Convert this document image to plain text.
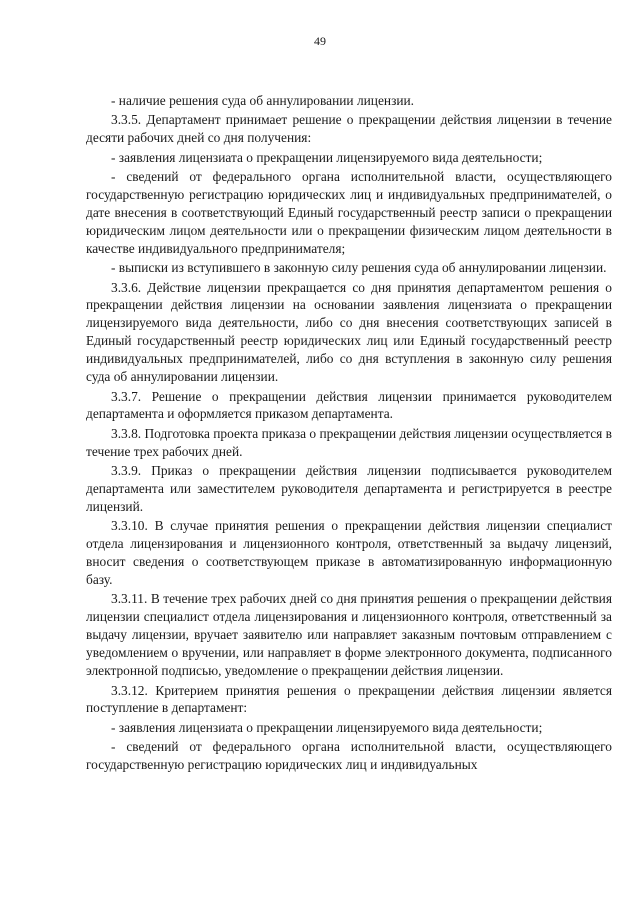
49

- наличие решения суда об аннулировании лицензии.

3.3.5. Департамент принимает решение о прекращении действия лицензии в течение десяти рабочих дней со дня получения:

- заявления лицензиата о прекращении лицензируемого вида деятельности;

- сведений от федерального органа исполнительной власти, осуществляющего государственную регистрацию юридических лиц и индивидуальных предпринимателей, о дате внесения в соответствующий Единый государственный реестр записи о прекращении юридическим лицом деятельности или о прекращении физическим лицом деятельности в качестве индивидуального предпринимателя;

- выписки из вступившего в законную силу решения суда об аннулировании лицензии.

3.3.6. Действие лицензии прекращается со дня принятия департаментом решения о прекращении действия лицензии на основании заявления лицензиата о прекращении лицензируемого вида деятельности, либо со дня внесения соответствующих записей в Единый государственный реестр юридических лиц или Единый государственный реестр индивидуальных предпринимателей, либо со дня вступления в законную силу решения суда об аннулировании лицензии.

3.3.7. Решение о прекращении действия лицензии принимается руководителем департамента и оформляется приказом департамента.

3.3.8. Подготовка проекта приказа о прекращении действия лицензии осуществляется в течение трех рабочих дней.

3.3.9. Приказ о прекращении действия лицензии подписывается руководителем департамента или заместителем руководителя департамента и регистрируется в реестре лицензий.

3.3.10. В случае принятия решения о прекращении действия лицензии специалист отдела лицензирования и лицензионного контроля, ответственный за выдачу лицензий, вносит сведения о соответствующем приказе в автоматизированную информационную базу.

3.3.11. В течение трех рабочих дней со дня принятия решения о прекращении действия лицензии специалист отдела лицензирования и лицензионного контроля, ответственный за выдачу лицензии, вручает заявителю или направляет заказным почтовым отправлением с уведомлением о вручении, или направляет в форме электронного документа, подписанного электронной подписью, уведомление о прекращении действия лицензии.

3.3.12. Критерием принятия решения о прекращении действия лицензии является поступление в департамент:

- заявления лицензиата о прекращении лицензируемого вида деятельности;

- сведений от федерального органа исполнительной власти, осуществляющего государственную регистрацию юридических лиц и индивидуальных
